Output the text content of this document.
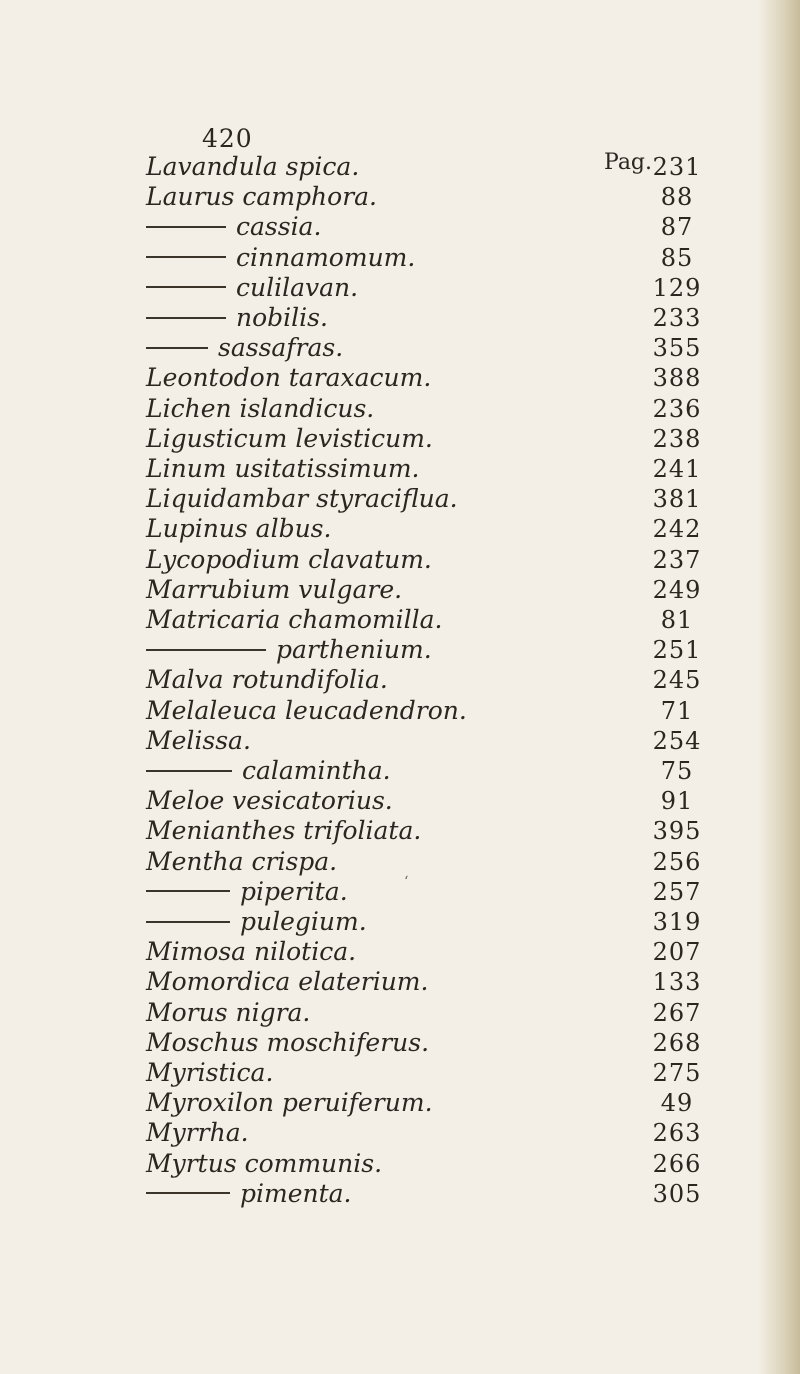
420
Pag.
Lavandula spica.	231
Laurus camphora.	88
cassia.	87
cinnamomum.	85
culilavan.	129
nobilis.	233
sassafras.	355
Leontodon taraxacum.	388
Lichen islandicus.	236
Ligusticum levisticum.	238
Linum usitatissimum.	241
Liquidambar styraciflua.	381
Lupinus albus.	242
Lycopodium clavatum.	237
Marrubium vulgare.	249
Matricaria chamomilla.	81
parthenium.	251
Malva rotundifolia.	245
Melaleuca leucadendron.	71
Melissa.	254
calamintha.	75
Meloe vesicatorius.	91
Menianthes trifoliata.	395
Mentha crispa.	256
piperita.	257
pulegium.	319
Mimosa nilotica.	207
Momordica elaterium.	133
Morus nigra.	267
Moschus moschiferus.	268
Myristica.	275
Myroxilon peruiferum.	49
Myrrha.	263
Myrtus communis.	266
pimenta.	305
‘
